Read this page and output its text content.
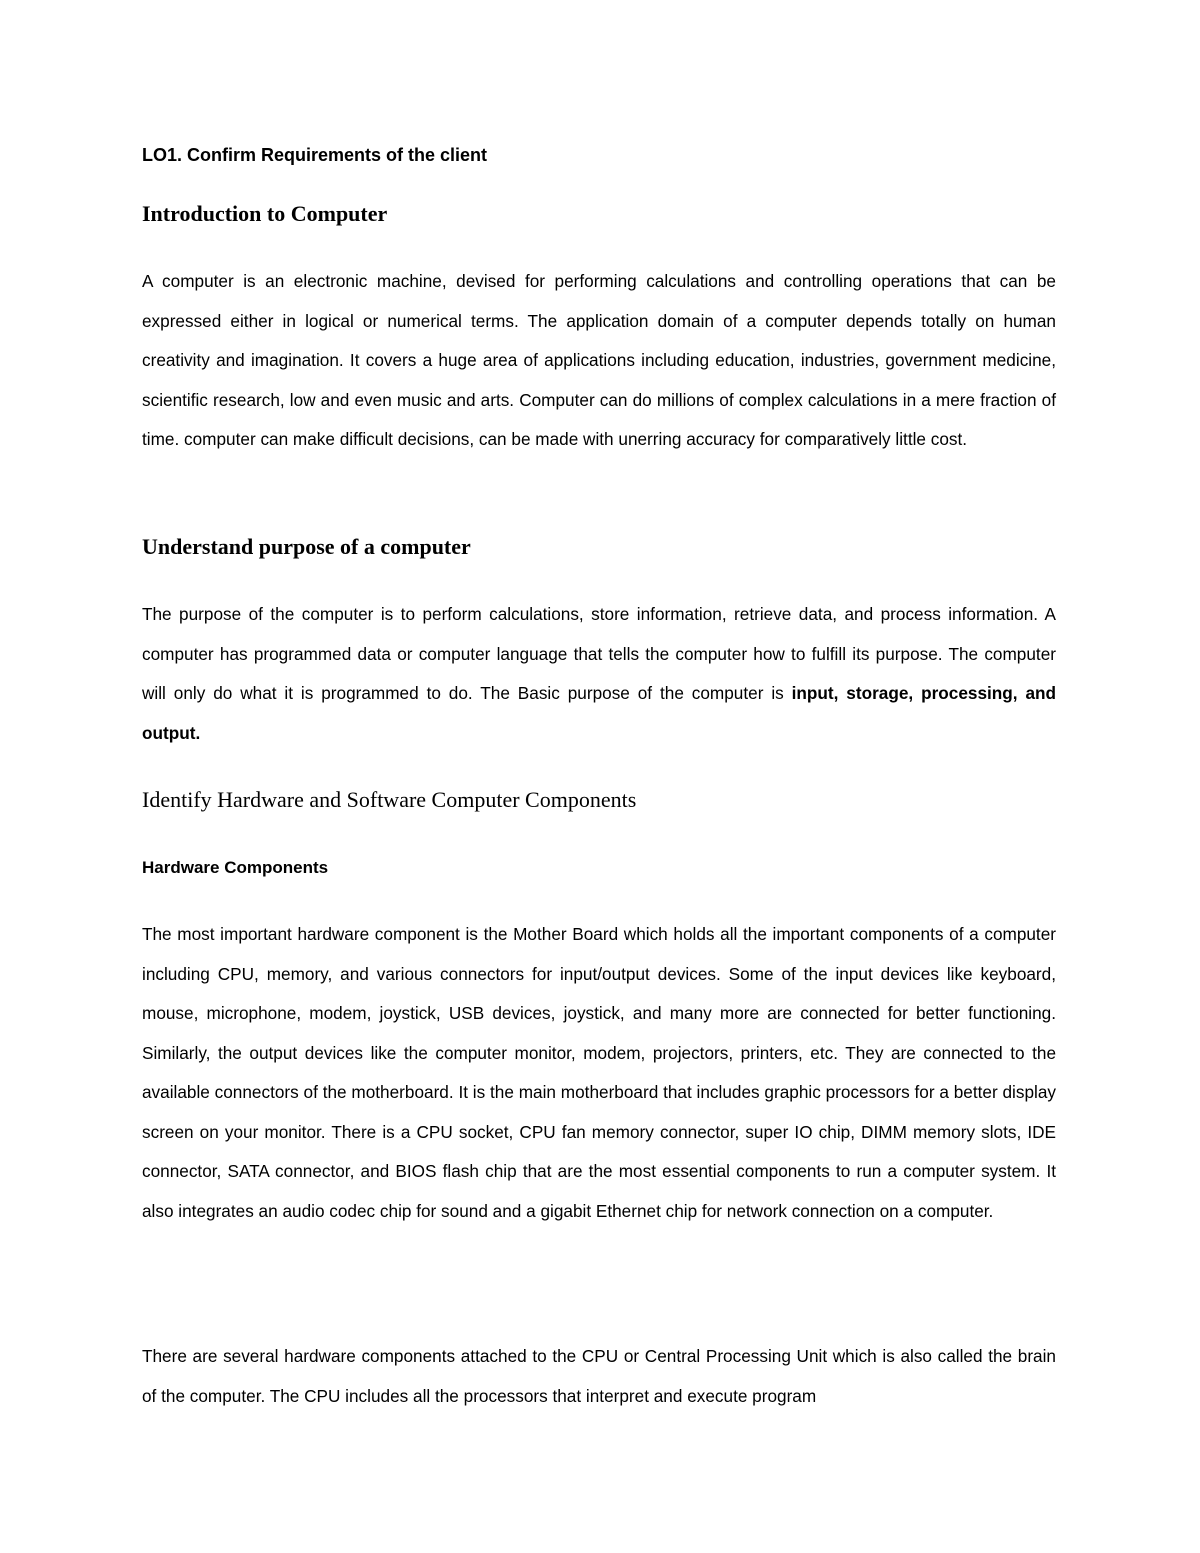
LO1. Confirm Requirements of the client

Introduction to Computer

A computer is an electronic machine, devised for performing calculations and controlling operations that can be expressed either in logical or numerical terms. The application domain of a computer depends totally on human creativity and imagination. It covers a huge area of applications including education, industries, government medicine, scientific research, low and even music and arts. Computer can do millions of complex calculations in a mere fraction of time. computer can make difficult decisions, can be made with unerring accuracy for comparatively little cost.

Understand purpose of a computer

The purpose of the computer is to perform calculations, store information, retrieve data, and process information. A computer has programmed data or computer language that tells the computer how to fulfill its purpose. The computer will only do what it is programmed to do. The Basic purpose of the computer is input, storage, processing, and output.

Identify Hardware and Software Computer Components
Hardware Components

The most important hardware component is the Mother Board which holds all the important components of a computer including CPU, memory, and various connectors for input/output devices. Some of the input devices like keyboard, mouse, microphone, modem, joystick, USB devices, joystick, and many more are connected for better functioning. Similarly, the output devices like the computer monitor, modem, projectors, printers, etc. They are connected to the available connectors of the motherboard. It is the main motherboard that includes graphic processors for a better display screen on your monitor. There is a CPU socket, CPU fan memory connector, super IO chip, DIMM memory slots, IDE connector, SATA connector, and BIOS flash chip that are the most essential components to run a computer system. It also integrates an audio codec chip for sound and a gigabit Ethernet chip for network connection on a computer.

There are several hardware components attached to the CPU or Central Processing Unit which is also called the brain of the computer. The CPU includes all the processors that interpret and execute program
